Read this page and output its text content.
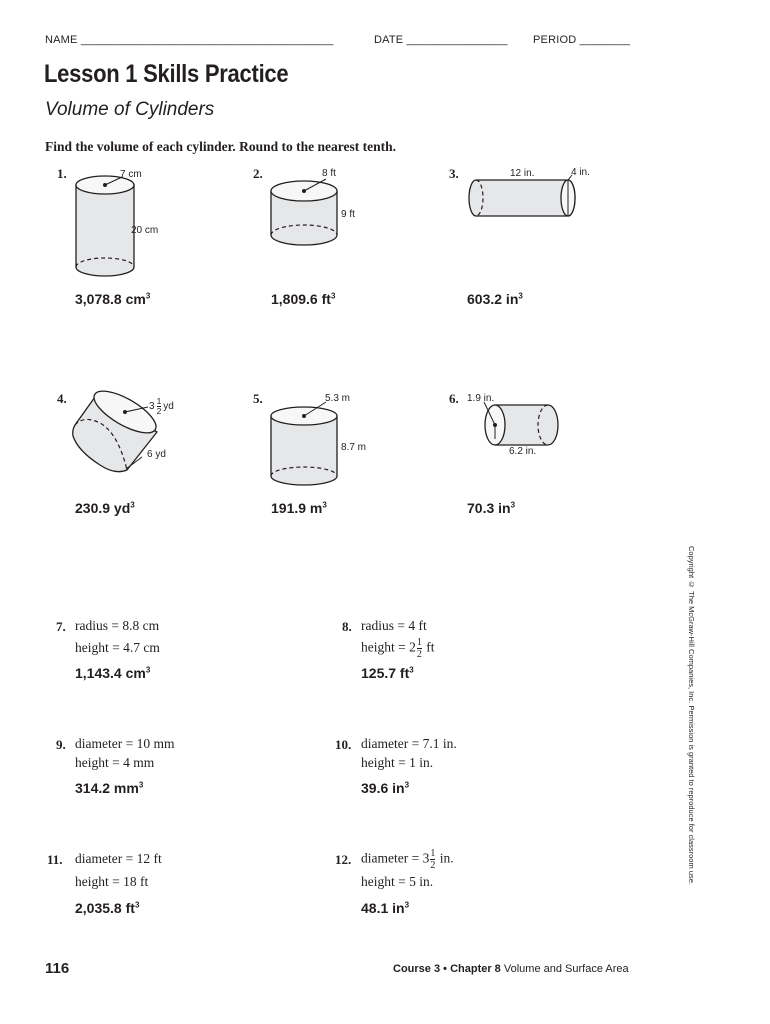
NAME ________________________________________	DATE ________________ PERIOD ________
Lesson 1 Skills Practice
Volume of Cylinders
Find the volume of each cylinder. Round to the nearest tenth.
1.	7 cm
20 cm
3,078.8 $cm^3$
2.	8 ft
9 ft
1,809.6 $ft^3$
3.	12 in.	4 in.
603.2 $in^3$
4.
$3 \frac{1}{2}$ yd
6 yd
230.9 $yd^3$
5.	5.3 m
8.7 m
191.9 $m^3$
6. 1.9 in.
6.2 in.
70.3 $in^3$
7. radius = 8.8 cm
height = 4.7 cm
1,143.4 $cm^3$
8. radius = 4 ft
height = $2 \frac{1}{2}$ ft
125.7 $ft^3$
9. diameter = 10 mm
height = 4 mm
314.2 $mm^3$
10. diameter = 7.1 in.
height = 1 in.
39.6 $in^3$
11. diameter = 12 ft
height = 18 ft
2,035.8 $ft^3$
12. diameter = $3 \frac{1}{2}$ in.
height = 5 in.
48.1 $in^3$
Copyright © The McGraw-Hill Companies, Inc. Permission is granted to reproduce for classroom use.
116	Course 3 • Chapter 8 Volume and Surface Area
